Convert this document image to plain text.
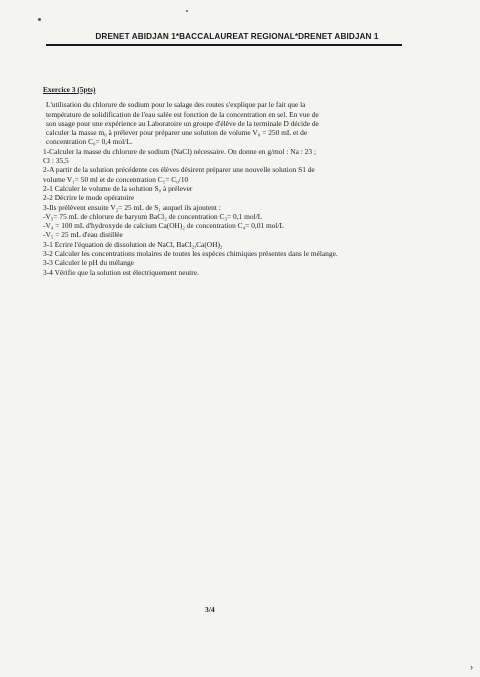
DRENET ABIDJAN 1*BACCALAUREAT REGIONAL*DRENET ABIDJAN 1
Exercice 3 (5pts)

L'utilisation du chlorure de sodium pour le salage des routes s'explique par le fait que la

température de solidification de l'eau salée est fonction de la concentration en sel. En vue de

son usage pour une expérience au Laboratoire un groupe d'élève de la terminale D décide de

calculer la masse m₀ à prélever pour préparer une solution de volume V₀ = 250 mL et de

concentration C₀= 0,4 mol/L.

1-Calculer la masse du chlorure de sodium (NaCl) nécessaire. On donne en g/mol : Na : 23 ;

Cl : 35,5

2-A partir de la solution précédente ces élèves désirent préparer une nouvelle solution S1 de

volume V₁= 50 ml et de concentration C₁= C₀/10

2-1 Calculer le volume de la solution S₀ à prélever

2-2 Décrire le mode opératoire

3-Ils prélèvent ensuite V₂= 25 mL de S₁ auquel ils ajoutent :

-V₃= 75 mL de chlorure de baryum BaCl₂ de concentration C₃= 0,1 mol/L

-V₄ = 100 mL d'hydroxyde de calcium Ca(OH)₂ de concentration C₄= 0,01 mol/L

-V₅ = 25 mL d'eau distillée

3-1 Ecrire l'équation de dissolution de NaCl, BaCl₂,Ca(OH)₂

3-2 Calculer les concentrations molaires de toutes les espèces chimiques présentes dans le mélange.

3-3 Calculer le pH du mélange

3-4 Vérifie que la solution est électriquement neutre.

3/4
›
